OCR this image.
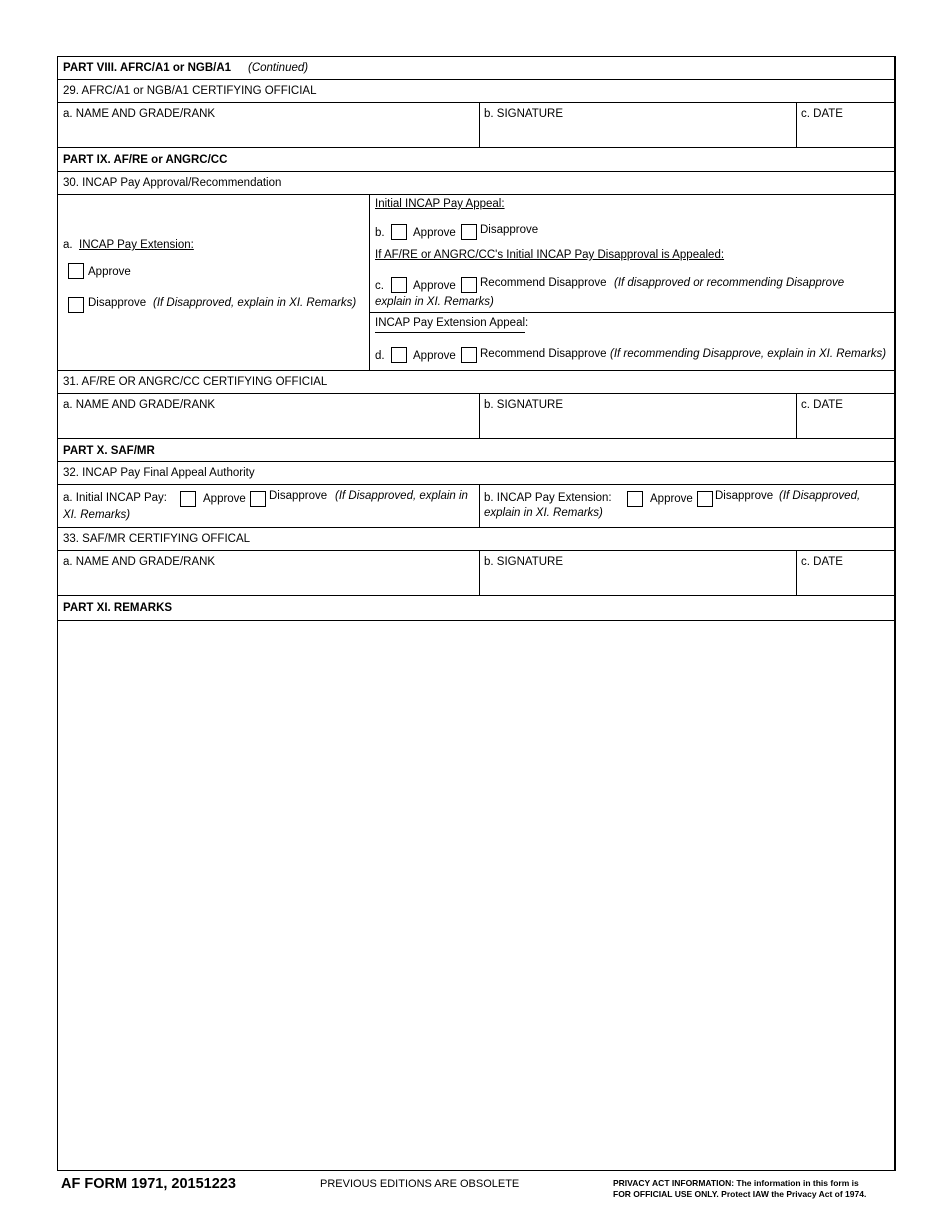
PART VIII. AFRC/A1 or NGB/A1 (Continued)
29. AFRC/A1 or NGB/A1 CERTIFYING OFFICIAL
a. NAME AND GRADE/RANK	b. SIGNATURE	c. DATE
PART IX. AF/RE or ANGRC/CC
30. INCAP Pay Approval/Recommendation
a. INCAP Pay Extension:
Approve
Disapprove (If Disapproved, explain in XI. Remarks)
Initial INCAP Pay Appeal:
b. Approve Disapprove
If AF/RE or ANGRC/CC's Initial INCAP Pay Disapproval is Appealed:
c.	Approve Recommend Disapprove (If disapproved or recommending Disapprove
explain in XI. Remarks)
INCAP Pay Extension Appeal:
d. Approve Recommend Disapprove (If recommending Disapprove, explain in XI. Remarks)
31. AF/RE OR ANGRC/CC CERTIFYING OFFICIAL
a. NAME AND GRADE/RANK	b. SIGNATURE	c. DATE
PART X. SAF/MR
32. INCAP Pay Final Appeal Authority
a. Initial INCAP Pay:	Approve Disapprove (If Disapproved, explain in
XI. Remarks)
b. INCAP Pay Extension:	Approve Disapprove (If Disapproved,
explain in XI. Remarks)
33. SAF/MR CERTIFYING OFFICAL
a. NAME AND GRADE/RANK	b. SIGNATURE	c. DATE
PART XI. REMARKS
AF FORM 1971, 20151223	PREVIOUS EDITIONS ARE OBSOLETE	PRIVACY ACT INFORMATION: The information in this form is
FOR OFFICIAL USE ONLY. Protect IAW the Privacy Act of 1974.
